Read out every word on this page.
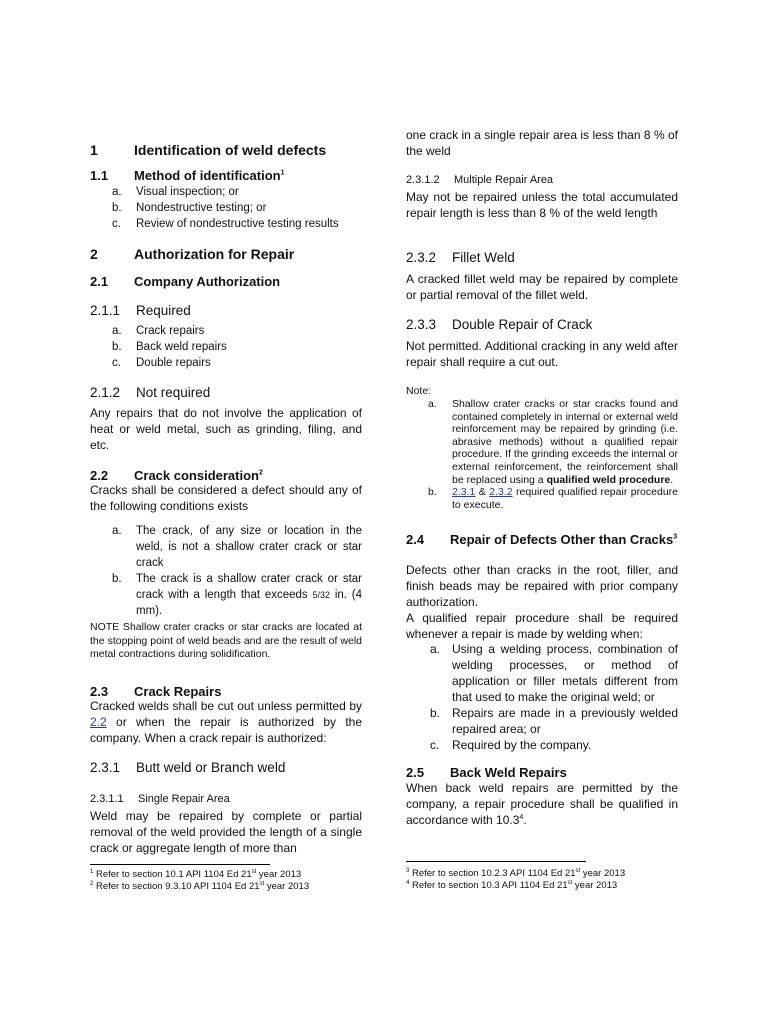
1	Identification of weld defects
1.1 Method of identification$^1$
a. Visual inspection; or
b. Nondestructive testing; or
c. Review of nondestructive testing results
2	Authorization for Repair
2.1 Company Authorization
2.1.1 Required
a. Crack repairs
b. Back weld repairs
c. Double repairs
2.1.2 Not required

Any repairs that do not involve the application of heat or weld metal, such as grinding, filing, and etc.

2.2 Crack consideration$^2$

Cracks shall be considered a defect should any of the following conditions exists

a. The crack, of any size or location in the weld, is not a shallow crater crack or star crack
b. The crack is a shallow crater crack or star crack with a length that exceeds 5/32 in. (4 mm).

NOTE Shallow crater cracks or star cracks are located at the stopping point of weld beads and are the result of weld metal contractions during solidification.

2.3 Crack Repairs

Cracked welds shall be cut out unless permitted by 2.2 or when the repair is authorized by the company. When a crack repair is authorized:

2.3.1 Butt weld or Branch weld
2.3.1.1 Single Repair Area

Weld may be repaired by complete or partial removal of the weld provided the length of a single crack or aggregate length of more than

$^1$ Refer to section 10.1 API 1104 Ed 21st year 2013
$^2$ Refer to section 9.3.10 API 1104 Ed 21st year 2013

one crack in a single repair area is less than 8 % of the weld

2.3.1.2 Multiple Repair Area

May not be repaired unless the total accumulated repair length is less than 8 % of the weld length

2.3.2 Fillet Weld

A cracked fillet weld may be repaired by complete or partial removal of the fillet weld.

2.3.3 Double Repair of Crack

Not permitted. Additional cracking in any weld after repair shall require a cut out.

Note:
a. Shallow crater cracks or star cracks found and contained completely in internal or external weld reinforcement may be repaired by grinding (i.e. abrasive methods) without a qualified repair procedure. If the grinding exceeds the internal or external reinforcement, the reinforcement shall be replaced using a qualified weld procedure.
b. 2.3.1 & 2.3.2 required qualified repair procedure to execute.
2.4 Repair of Defects Other than Cracks$^3$

Defects other than cracks in the root, filler, and finish beads may be repaired with prior company authorization.

A qualified repair procedure shall be required whenever a repair is made by welding when:

a. Using a welding process, combination of welding processes, or method of application or filler metals different from that used to make the original weld; or
b. Repairs are made in a previously welded repaired area; or
c. Required by the company.
2.5 Back Weld Repairs

When back weld repairs are permitted by the company, a repair procedure shall be qualified in accordance with 10.3$^4$.

$^3$ Refer to section 10.2.3 API 1104 Ed 21st year 2013
$^4$ Refer to section 10.3 API 1104 Ed 21st year 2013
